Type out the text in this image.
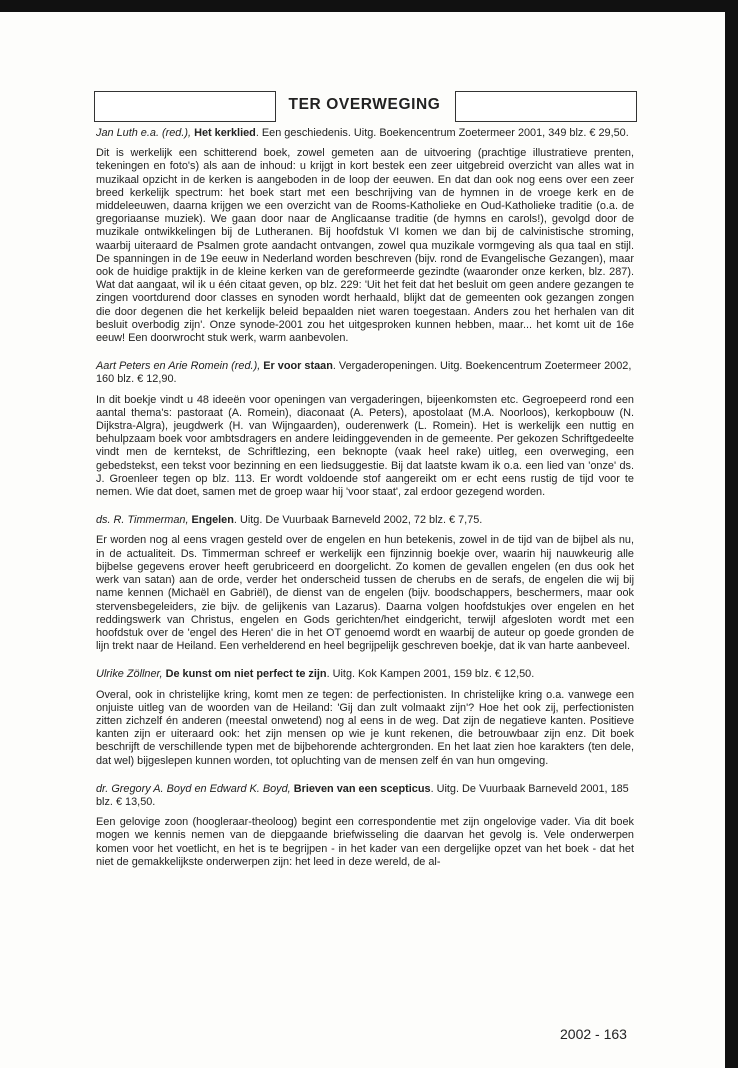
TER OVERWEGING

Jan Luth e.a. (red.), Het kerklied. Een geschiedenis. Uitg. Boekencentrum Zoetermeer 2001, 349 blz. € 29,50.

Dit is werkelijk een schitterend boek, zowel gemeten aan de uitvoering (prachtige illustratieve prenten, tekeningen en foto's) als aan de inhoud: u krijgt in kort bestek een zeer uitgebreid overzicht van alles wat in muzikaal opzicht in de kerken is aangeboden in de loop der eeuwen. En dat dan ook nog eens over een zeer breed kerkelijk spectrum: het boek start met een beschrijving van de hymnen in de vroege kerk en de middeleeuwen, daarna krijgen we een overzicht van de Rooms-Katholieke en Oud-Katholieke traditie (o.a. de gregoriaanse muziek). We gaan door naar de Anglicaanse traditie (de hymns en carols!), gevolgd door de muzikale ontwikkelingen bij de Lutheranen. Bij hoofdstuk VI komen we dan bij de calvinistische stroming, waarbij uiteraard de Psalmen grote aandacht ontvangen, zowel qua muzikale vormgeving als qua taal en stijl. De spanningen in de 19e eeuw in Nederland worden beschreven (bijv. rond de Evangelische Gezangen), maar ook de huidige praktijk in de kleine kerken van de gereformeerde gezindte (waaronder onze kerken, blz. 287). Wat dat aangaat, wil ik u één citaat geven, op blz. 229: 'Uit het feit dat het besluit om geen andere gezangen te zingen voortdurend door classes en synoden wordt herhaald, blijkt dat de gemeenten ook gezangen zongen die door degenen die het kerkelijk beleid bepaalden niet waren toegestaan. Anders zou het herhalen van dit besluit overbodig zijn'. Onze synode-2001 zou het uitgesproken kunnen hebben, maar... het komt uit de 16e eeuw! Een doorwrocht stuk werk, warm aanbevolen.

Aart Peters en Arie Romein (red.), Er voor staan. Vergaderopeningen. Uitg. Boekencentrum Zoetermeer 2002, 160 blz. € 12,90.

In dit boekje vindt u 48 ideeën voor openingen van vergaderingen, bijeenkomsten etc. Gegroepeerd rond een aantal thema's: pastoraat (A. Romein), diaconaat (A. Peters), apostolaat (M.A. Noorloos), kerkopbouw (N. Dijkstra-Algra), jeugdwerk (H. van Wijngaarden), ouderenwerk (L. Romein). Het is werkelijk een nuttig en behulpzaam boek voor ambtsdragers en andere leidinggevenden in de gemeente. Per gekozen Schriftgedeelte vindt men de kerntekst, de Schriftlezing, een beknopte (vaak heel rake) uitleg, een overweging, een gebedstekst, een tekst voor bezinning en een liedsuggestie. Bij dat laatste kwam ik o.a. een lied van 'onze' ds. J. Groenleer tegen op blz. 113. Er wordt voldoende stof aangereikt om er echt eens rustig de tijd voor te nemen. Wie dat doet, samen met de groep waar hij 'voor staat', zal erdoor gezegend worden.

ds. R. Timmerman, Engelen. Uitg. De Vuurbaak Barneveld 2002, 72 blz. € 7,75.

Er worden nog al eens vragen gesteld over de engelen en hun betekenis, zowel in de tijd van de bijbel als nu, in de actualiteit. Ds. Timmerman schreef er werkelijk een fijnzinnig boekje over, waarin hij nauwkeurig alle bijbelse gegevens erover heeft gerubriceerd en doorgelicht. Zo komen de gevallen engelen (en dus ook het werk van satan) aan de orde, verder het onderscheid tussen de cherubs en de serafs, de engelen die wij bij name kennen (Michaël en Gabriël), de dienst van de engelen (bijv. boodschappers, beschermers, maar ook stervensbegeleiders, zie bijv. de gelijkenis van Lazarus). Daarna volgen hoofdstukjes over engelen en het reddingswerk van Christus, engelen en Gods gerichten/het eindgericht, terwijl afgesloten wordt met een hoofdstuk over de 'engel des Heren' die in het OT genoemd wordt en waarbij de auteur op goede gronden de lijn trekt naar de Heiland. Een verhelderend en heel begrijpelijk geschreven boekje, dat ik van harte aanbeveel.

Ulrike Zöllner, De kunst om niet perfect te zijn. Uitg. Kok Kampen 2001, 159 blz. € 12,50.

Overal, ook in christelijke kring, komt men ze tegen: de perfectionisten. In christelijke kring o.a. vanwege een onjuiste uitleg van de woorden van de Heiland: 'Gij dan zult volmaakt zijn'? Hoe het ook zij, perfectionisten zitten zichzelf én anderen (meestal onwetend) nog al eens in de weg. Dat zijn de negatieve kanten. Positieve kanten zijn er uiteraard ook: het zijn mensen op wie je kunt rekenen, die betrouwbaar zijn enz. Dit boek beschrijft de verschillende typen met de bijbehorende achtergronden. En het laat zien hoe karakters (ten dele, dat wel) bijgeslepen kunnen worden, tot opluchting van de mensen zelf én van hun omgeving.

dr. Gregory A. Boyd en Edward K. Boyd, Brieven van een scepticus. Uitg. De Vuurbaak Barneveld 2001, 185 blz. € 13,50.

Een gelovige zoon (hoogleraar-theoloog) begint een correspondentie met zijn ongelovige vader. Via dit boek mogen we kennis nemen van de diepgaande briefwisseling die daarvan het gevolg is. Vele onderwerpen komen voor het voetlicht, en het is te begrijpen - in het kader van een dergelijke opzet van het boek - dat het niet de gemakkelijkste onderwerpen zijn: het leed in deze wereld, de al-

2002 - 163
